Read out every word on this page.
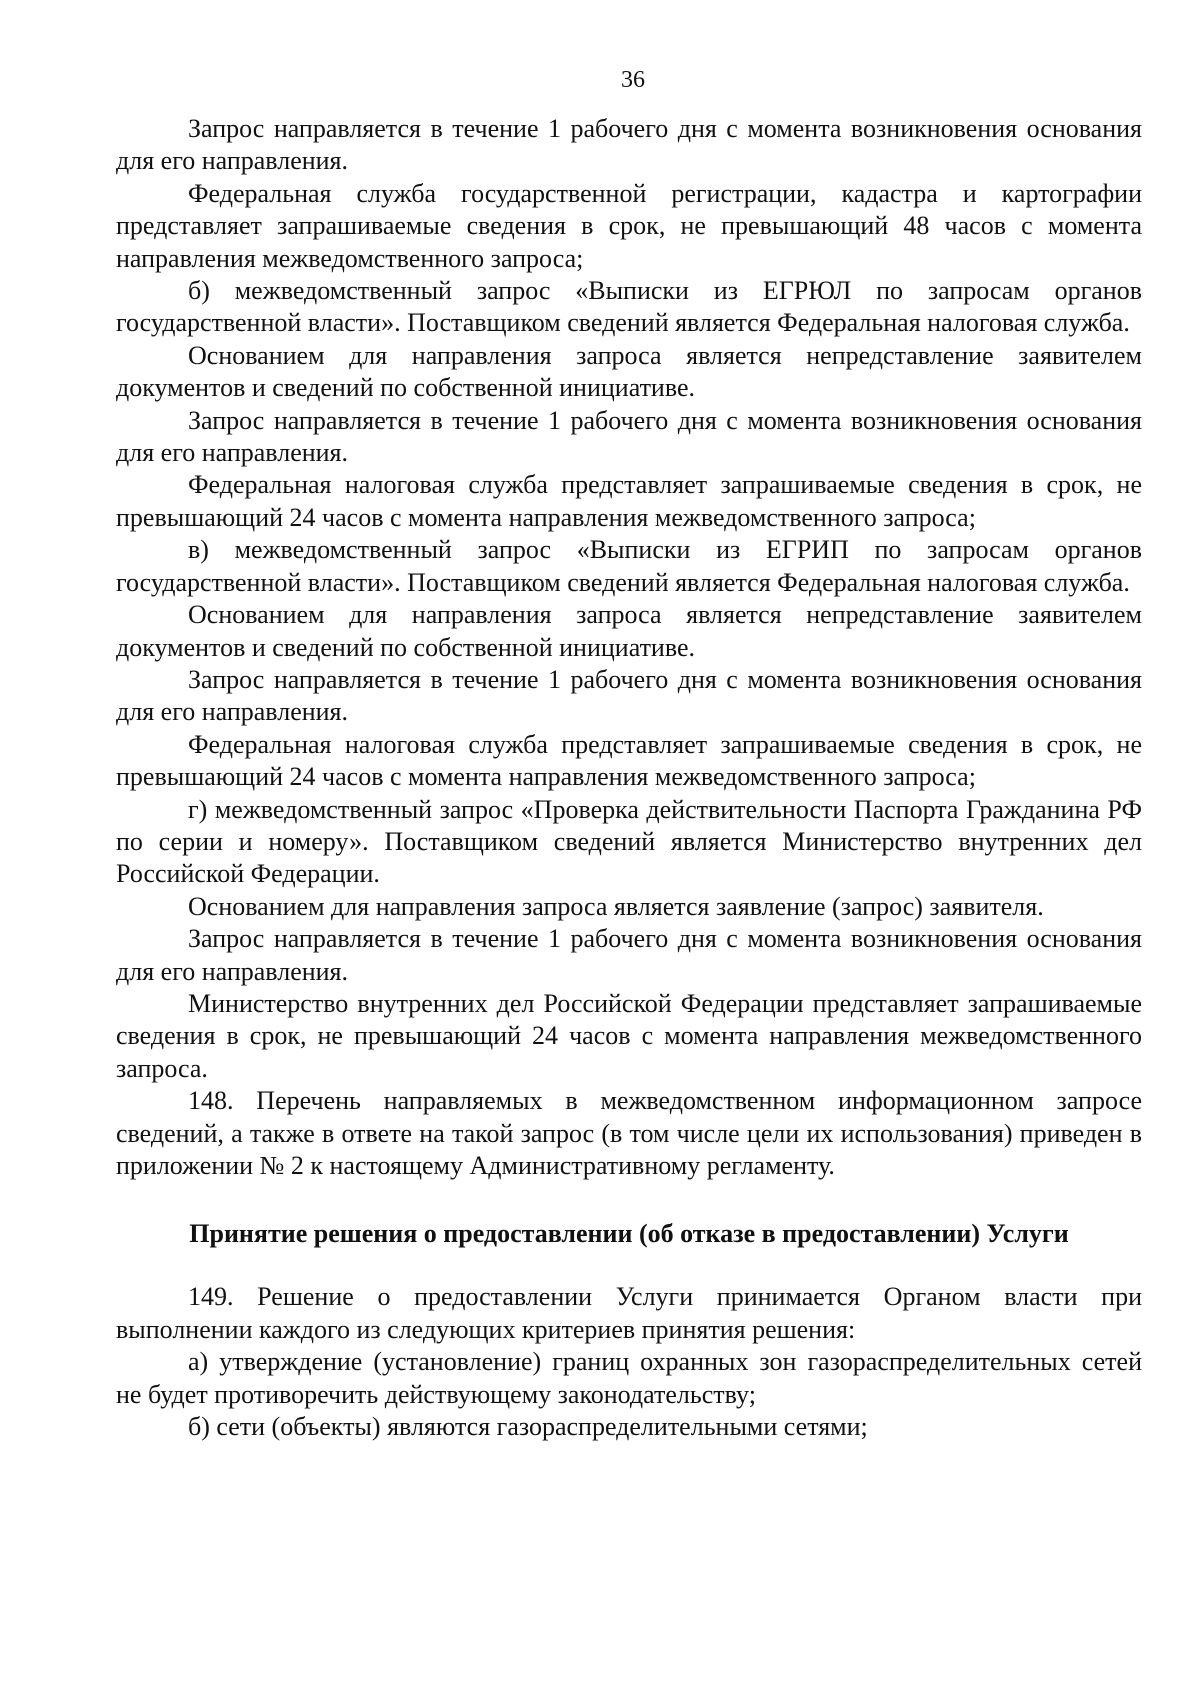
36

Запрос направляется в течение 1 рабочего дня с момента возникновения основания для его направления.

Федеральная служба государственной регистрации, кадастра и картографии представляет запрашиваемые сведения в срок, не превышающий 48 часов с момента направления межведомственного запроса;

б) межведомственный запрос «Выписки из ЕГРЮЛ по запросам органов государственной власти». Поставщиком сведений является Федеральная налоговая служба.

Основанием для направления запроса является непредставление заявителем документов и сведений по собственной инициативе.

Запрос направляется в течение 1 рабочего дня с момента возникновения основания для его направления.

Федеральная налоговая служба представляет запрашиваемые сведения в срок, не превышающий 24 часов с момента направления межведомственного запроса;

в) межведомственный запрос «Выписки из ЕГРИП по запросам органов государственной власти». Поставщиком сведений является Федеральная налоговая служба.

Основанием для направления запроса является непредставление заявителем документов и сведений по собственной инициативе.

Запрос направляется в течение 1 рабочего дня с момента возникновения основания для его направления.

Федеральная налоговая служба представляет запрашиваемые сведения в срок, не превышающий 24 часов с момента направления межведомственного запроса;

г) межведомственный запрос «Проверка действительности Паспорта Гражданина РФ по серии и номеру». Поставщиком сведений является Министерство внутренних дел Российской Федерации.

Основанием для направления запроса является заявление (запрос) заявителя.

Запрос направляется в течение 1 рабочего дня с момента возникновения основания для его направления.

Министерство внутренних дел Российской Федерации представляет запрашиваемые сведения в срок, не превышающий 24 часов с момента направления межведомственного запроса.

148. Перечень направляемых в межведомственном информационном запросе сведений, а также в ответе на такой запрос (в том числе цели их использования) приведен в приложении № 2 к настоящему Административному регламенту.

Принятие решения о предоставлении (об отказе в предоставлении) Услуги

149. Решение о предоставлении Услуги принимается Органом власти при выполнении каждого из следующих критериев принятия решения:

а) утверждение (установление) границ охранных зон газораспределительных сетей не будет противоречить действующему законодательству;

б) сети (объекты) являются газораспределительными сетями;
